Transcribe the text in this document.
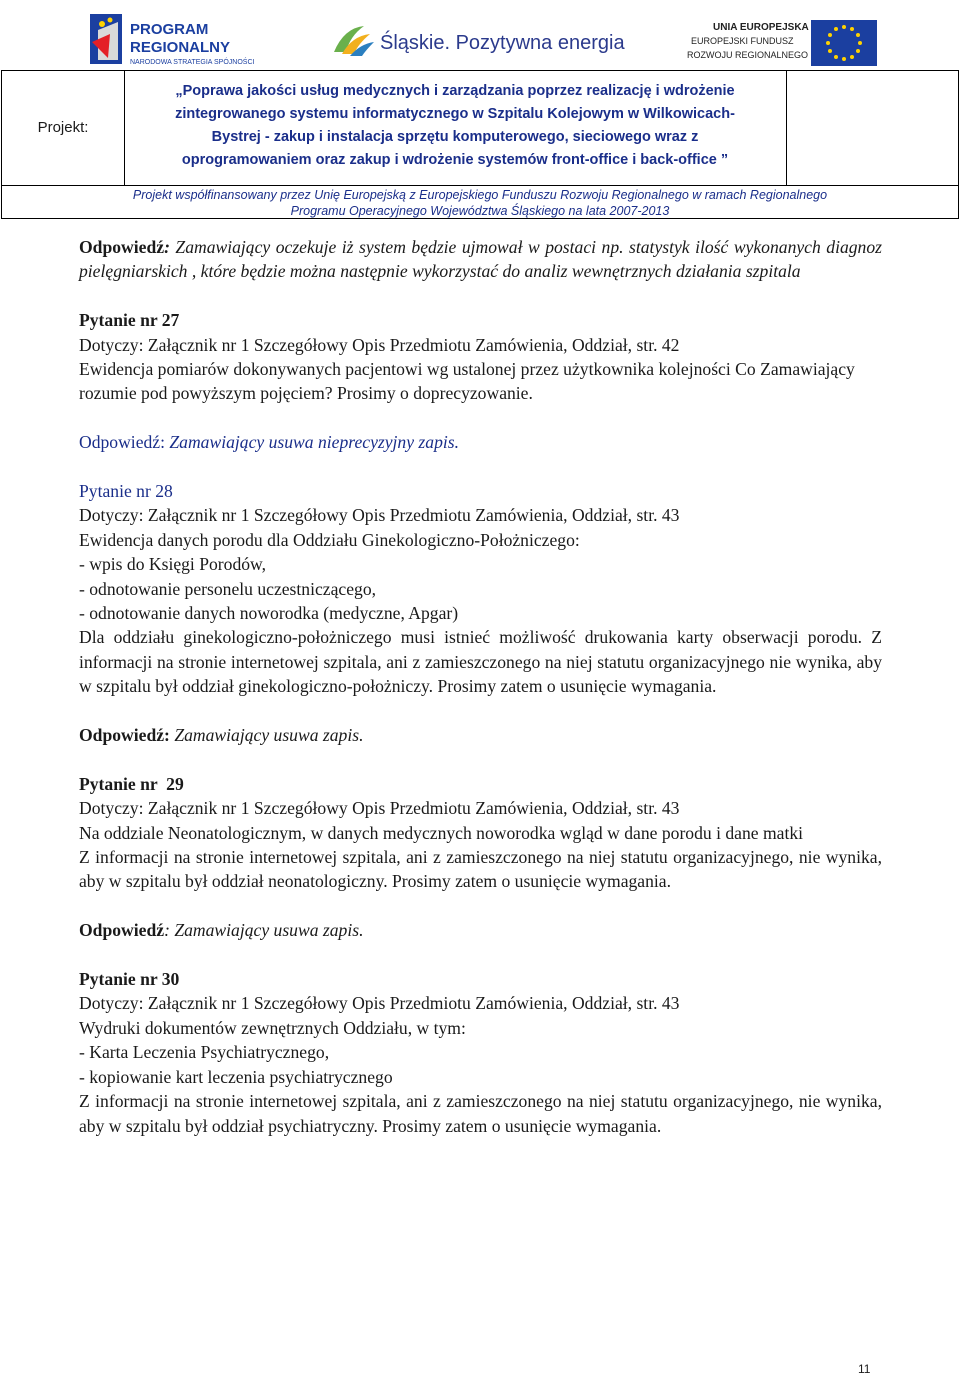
PROGRAM
REGIONALNY
NARODOWA STRATEGIA SPÓJNOŚCI
Śląskie. Pozytywna energia
UNIA EUROPEJSKA
EUROPEJSKI FUNDUSZ
ROZWOJU REGIONALNEGO
Projekt:
„Poprawa jakości usług medycznych i zarządzania poprzez realizację i wdrożenie
zintegrowanego systemu informatycznego w Szpitalu Kolejowym w Wilkowicach-
Bystrej - zakup i instalacja sprzętu komputerowego, sieciowego wraz z
oprogramowaniem oraz zakup i wdrożenie systemów front-office i back-office ”
Projekt współfinansowany przez Unię Europejską z Europejskiego Funduszu Rozwoju Regionalnego w ramach Regionalnego
Programu Operacyjnego Województwa Śląskiego na lata 2007-2013

Odpowiedź: Zamawiający oczekuje iż system będzie ujmował w postaci np. statystyk ilość wykonanych diagnoz pielęgniarskich , które będzie można następnie wykorzystać do analiz wewnętrznych działania szpitala

Pytanie nr 27

Dotyczy: Załącznik nr 1 Szczegółowy Opis Przedmiotu Zamówienia, Oddział, str. 42

Ewidencja pomiarów dokonywanych pacjentowi wg ustalonej przez użytkownika kolejności Co Zamawiający rozumie pod powyższym pojęciem? Prosimy o doprecyzowanie.

Odpowiedź: Zamawiający usuwa nieprecyzyjny zapis.

Pytanie nr 28

Dotyczy: Załącznik nr 1 Szczegółowy Opis Przedmiotu Zamówienia, Oddział, str. 43

Ewidencja danych porodu dla Oddziału Ginekologiczno-Położniczego:

- wpis do Księgi Porodów,

- odnotowanie personelu uczestniczącego,

- odnotowanie danych noworodka (medyczne, Apgar)

Dla oddziału ginekologiczno-położniczego musi istnieć możliwość drukowania karty obserwacji porodu. Z informacji na stronie internetowej szpitala, ani z zamieszczonego na niej statutu organizacyjnego nie wynika, aby w szpitalu był oddział ginekologiczno-położniczy. Prosimy zatem o usunięcie wymagania.

Odpowiedź: Zamawiający usuwa zapis.

Pytanie nr  29

Dotyczy: Załącznik nr 1 Szczegółowy Opis Przedmiotu Zamówienia, Oddział, str. 43

Na oddziale Neonatologicznym, w danych medycznych noworodka wgląd w dane porodu i dane matki

Z informacji na stronie internetowej szpitala, ani z zamieszczonego na niej statutu organizacyjnego, nie wynika, aby w szpitalu był oddział neonatologiczny. Prosimy zatem o usunięcie wymagania.

Odpowiedź: Zamawiający usuwa zapis.

Pytanie nr 30

Dotyczy: Załącznik nr 1 Szczegółowy Opis Przedmiotu Zamówienia, Oddział, str. 43

Wydruki dokumentów zewnętrznych Oddziału, w tym:

- Karta Leczenia Psychiatrycznego,

- kopiowanie kart leczenia psychiatrycznego

Z informacji na stronie internetowej szpitala, ani z zamieszczonego na niej statutu organizacyjnego, nie wynika, aby w szpitalu był oddział psychiatryczny. Prosimy zatem o usunięcie wymagania.

11
